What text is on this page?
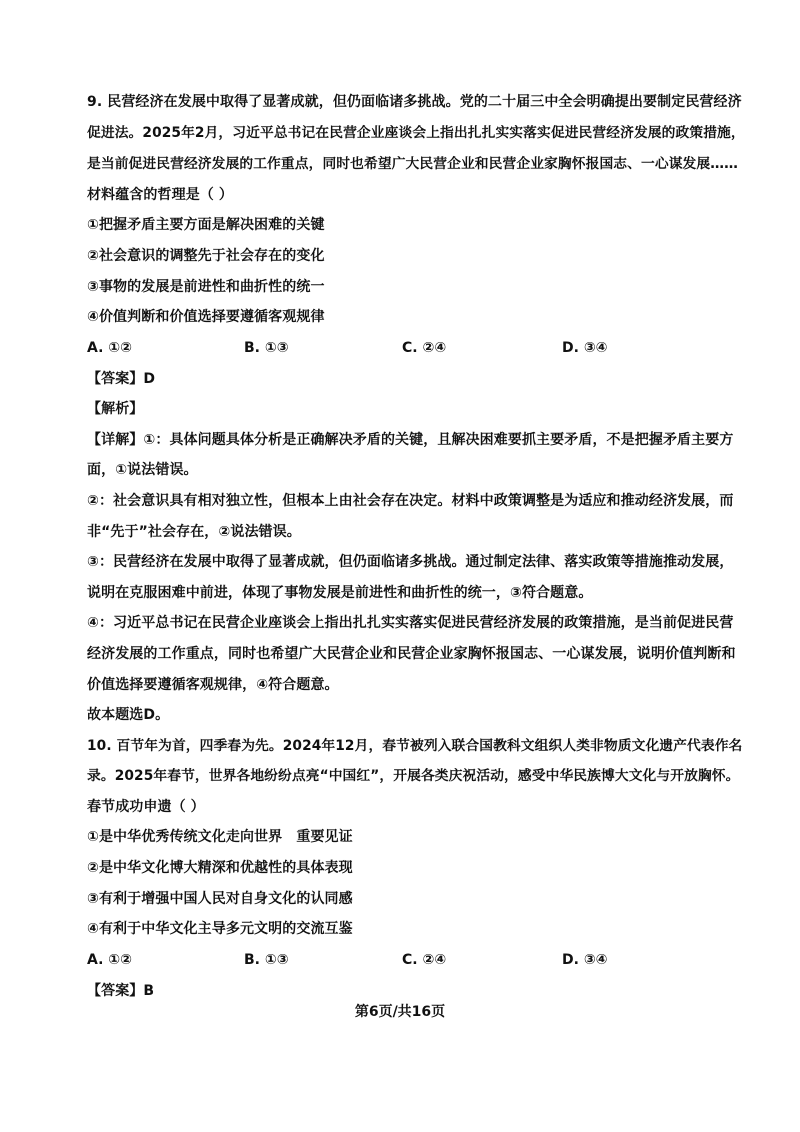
9. 民营经济在发展中取得了显著成就，但仍面临诸多挑战。党的二十届三中全会明确提出要制定民营经济
促进法。2025年2月，习近平总书记在民营企业座谈会上指出扎扎实实落实促进民营经济发展的政策措施，
是当前促进民营经济发展的工作重点，同时也希望广大民营企业和民营企业家胸怀报国志、一心谋发展……
材料蕴含的哲理是（ ）
①把握矛盾主要方面是解决困难的关键
②社会意识的调整先于社会存在的变化
③事物的发展是前进性和曲折性的统一
④价值判断和价值选择要遵循客观规律
A. ①②	B. ①③	C. ②④	D. ③④
【答案】D
【解析】
【详解】①：具体问题具体分析是正确解决矛盾的关键，且解决困难要抓主要矛盾，不是把握矛盾主要方
面，①说法错误。
②：社会意识具有相对独立性，但根本上由社会存在决定。材料中政策调整是为适应和推动经济发展，而
非“先于”社会存在，②说法错误。
③：民营经济在发展中取得了显著成就，但仍面临诸多挑战。通过制定法律、落实政策等措施推动发展，
说明在克服困难中前进，体现了事物发展是前进性和曲折性的统一，③符合题意。
④：习近平总书记在民营企业座谈会上指出扎扎实实落实促进民营经济发展的政策措施，是当前促进民营
经济发展的工作重点，同时也希望广大民营企业和民营企业家胸怀报国志、一心谋发展，说明价值判断和
价值选择要遵循客观规律，④符合题意。
故本题选D。
10. 百节年为首，四季春为先。2024年12月，春节被列入联合国教科文组织人类非物质文化遗产代表作名
录。2025年春节，世界各地纷纷点亮“中国红”，开展各类庆祝活动，感受中华民族博大文化与开放胸怀。
春节成功申遗（ ）
①是中华优秀传统文化走向世界　重要见证
②是中华文化博大精深和优越性的具体表现
③有利于增强中国人民对自身文化的认同感
④有利于中华文化主导多元文明的交流互鉴
A. ①②	B. ①③	C. ②④	D. ③④
【答案】B
第6页/共16页
